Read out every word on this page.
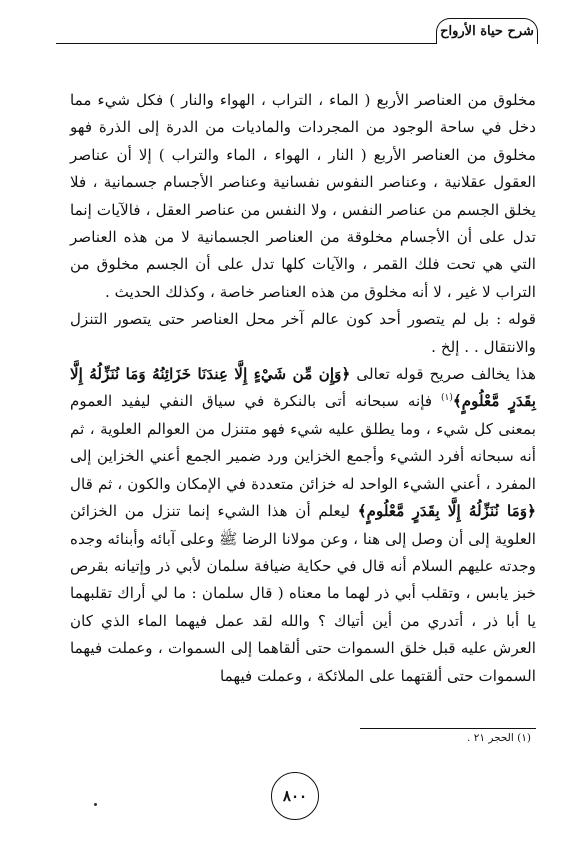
شرح حياة الأرواح

مخلوق من العناصر الأربع ( الماء ، التراب ، الهواء والنار ) فكل شيء مما دخل في ساحة الوجود من المجردات والماديات من الدرة إلى الذرة فهو مخلوق من العناصر الأربع ( النار ، الهواء ، الماء والتراب ) إلا أن عناصر العقول عقلانية ، وعناصر النفوس نفسانية وعناصر الأجسام جسمانية ، فلا يخلق الجسم من عناصر النفس ، ولا النفس من عناصر العقل ، فالآيات إنما تدل على أن الأجسام مخلوقة من العناصر الجسمانية لا من هذه العناصر التي هي تحت فلك القمر ، والآيات كلها تدل على أن الجسم مخلوق من التراب لا غير ، لا أنه مخلوق من هذه العناصر خاصة ، وكذلك الحديث .

قوله : بل لم يتصور أحد كون عالم آخر محل العناصر حتى يتصور التنزل والانتقال . . إلخ .

هذا يخالف صريح قوله تعالى ﴿وَإِن مِّن شَيْءٍ إِلَّا عِندَنَا خَزَائِنُهُ وَمَا نُنَزِّلُهُ إِلَّا بِقَدَرٍ مَّعْلُومٍ﴾$^{(١)}$ فإنه سبحانه أتى بالنكرة في سياق النفي ليفيد العموم بمعنى كل شيء ، وما يطلق عليه شيء فهو متنزل من العوالم العلوية ، ثم أنه سبحانه أفرد الشيء وأجمع الخزاين ورد ضمير الجمع أعني الخزاين إلى المفرد ، أعني الشيء الواحد له خزائن متعددة في الإمكان والكون ، ثم قال ﴿وَمَا نُنَزِّلُهُ إِلَّا بِقَدَرٍ مَّعْلُومٍ﴾ ليعلم أن هذا الشيء إنما تنزل من الخزائن العلوية إلى أن وصل إلى هنا ، وعن مولانا الرضا ﷺ وعلى آبائه وأبنائه وجده وجدته عليهم السلام أنه قال في حكاية ضيافة سلمان لأبي ذر وإتيانه بقرص خبز يابس ، وتقلب أبي ذر لهما ما معناه ( قال سلمان : ما لي أراك تقلبهما يا أبا ذر ، أتدري من أين أتياك ؟ والله لقد عمل فيهما الماء الذي كان العرش عليه قبل خلق السموات حتى ألقاهما إلى السموات ، وعملت فيهما السموات حتى ألقتهما على الملائكة ، وعملت فيهما

(١) الحجر ٢١ .
٨٠٠
